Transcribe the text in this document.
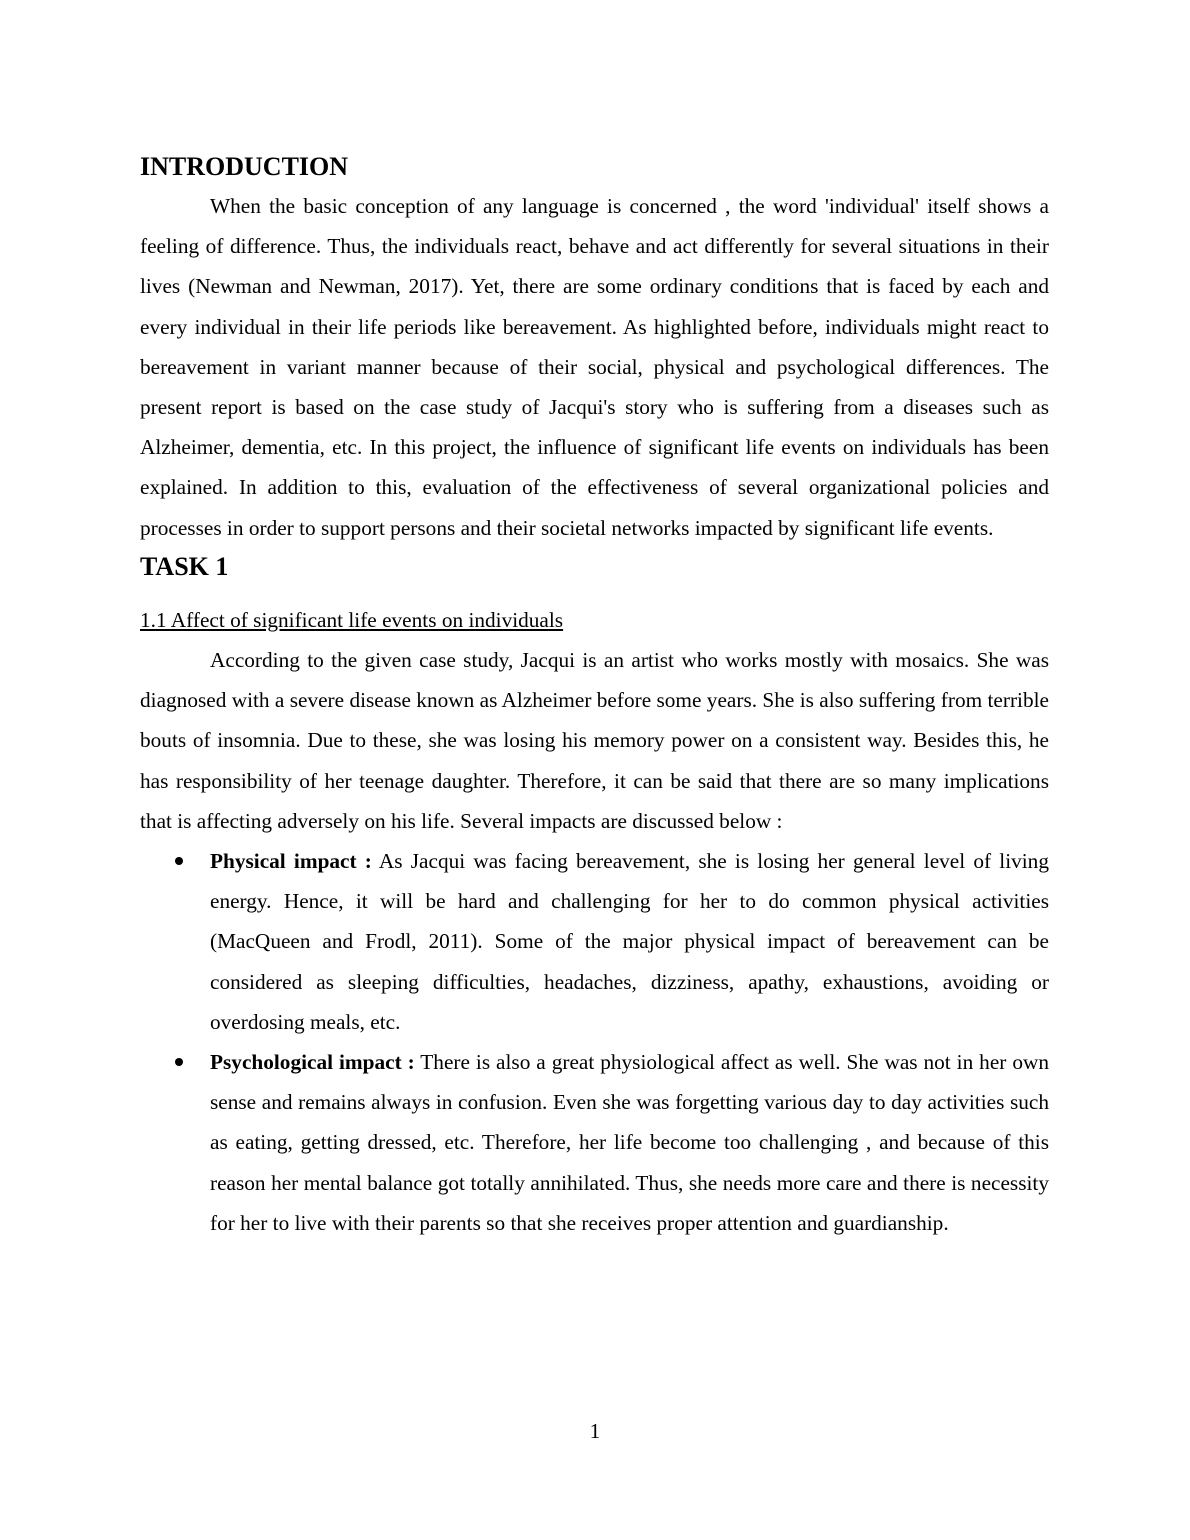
INTRODUCTION

When the basic conception of any language is concerned , the word 'individual' itself shows a feeling of difference. Thus, the individuals react, behave and act differently for several situations in their lives (Newman and Newman, 2017). Yet, there are some ordinary conditions that is faced by each and every individual in their life periods like bereavement. As highlighted before, individuals might react to bereavement in variant manner because of their social, physical and psychological differences. The present report is based on the case study of Jacqui's story who is suffering from a diseases such as Alzheimer, dementia, etc. In this project, the influence of significant life events on individuals has been explained. In addition to this, evaluation of the effectiveness of several organizational policies and processes in order to support persons and their societal networks impacted by significant life events.

TASK 1
1.1 Affect of significant life events on individuals

According to the given case study, Jacqui is an artist who works mostly with mosaics. She was diagnosed with a severe disease known as Alzheimer before some years. She is also suffering from terrible bouts of insomnia. Due to these, she was losing his memory power on a consistent way. Besides this, he has responsibility of her teenage daughter. Therefore, it can be said that there are so many implications that is affecting adversely on his life. Several impacts are discussed below :

Physical impact : As Jacqui was facing bereavement, she is losing her general level of living energy. Hence, it will be hard and challenging for her to do common physical activities (MacQueen and Frodl, 2011). Some of the major physical impact of bereavement can be considered as sleeping difficulties, headaches, dizziness, apathy, exhaustions, avoiding or overdosing meals, etc.
Psychological impact : There is also a great physiological affect as well. She was not in her own sense and remains always in confusion. Even she was forgetting various day to day activities such as eating, getting dressed, etc. Therefore, her life become too challenging , and because of this reason her mental balance got totally annihilated. Thus, she needs more care and there is necessity for her to live with their parents so that she receives proper attention and guardianship.
1
